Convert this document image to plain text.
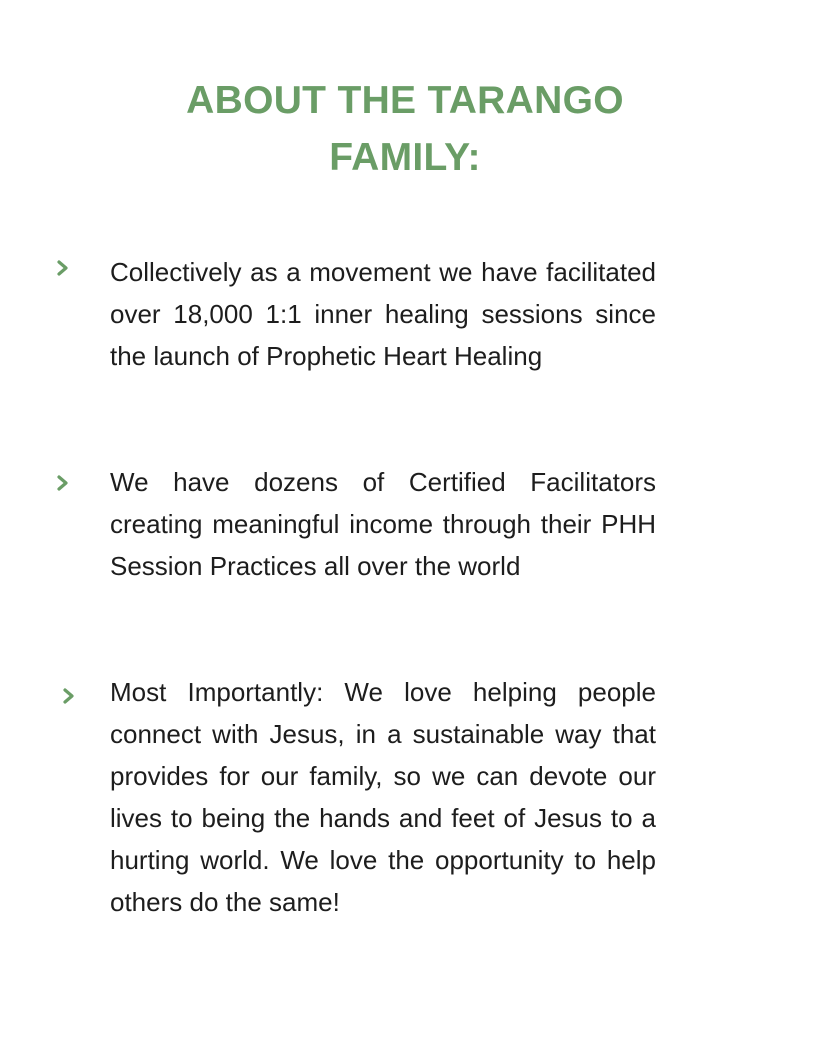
ABOUT THE TARANGO
FAMILY:

Collectively as a movement we have facilitated over 18,000 1:1 inner healing sessions since the launch of Prophetic Heart Healing

We have dozens of Certified Facilitators creating meaningful income through their PHH Session Practices all over the world

Most Importantly: We love helping people connect with Jesus, in a sustainable way that provides for our family, so we can devote our lives to being the hands and feet of Jesus to a hurting world. We love the opportunity to help others do the same!
